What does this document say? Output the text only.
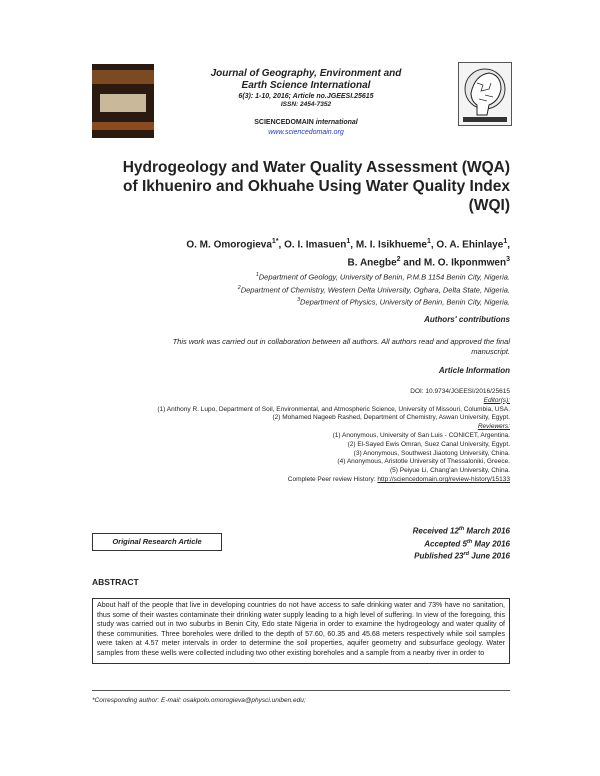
Journal of Geography, Environment and
Earth Science International
6(3): 1-10, 2016; Article no.JGEESI.25615
ISSN: 2454-7352
SCIENCEDOMAIN international
www.sciencedomain.org
Hydrogeology and Water Quality Assessment (WQA)
of Ikhueniro and Okhuahe Using Water Quality Index
(WQI)
O. M. Omorogieva$^{1*}$, O. I. Imasuen$^1$, M. I. Isikhueme$^1$, O. A. Ehinlaye$^1$,
B. Anegbe$^2$ and M. O. Ikponmwen$^3$
$^1$Department of Geology, University of Benin, P.M.B 1154 Benin City, Nigeria.
$^2$Department of Chemistry, Western Delta University, Oghara, Delta State, Nigeria.
$^3$Department of Physics, University of Benin, Benin City, Nigeria.
Authors' contributions
This work was carried out in collaboration between all authors. All authors read and approved the final
manuscript.
Article Information
DOI: 10.9734/JGEESI/2016/25615
Editor(s):
(1) Anthony R. Lupo, Department of Soil, Environmental, and Atmospheric Science, University of Missouri, Columbia, USA.
(2) Mohamed Nageeb Rashed, Department of Chemistry, Aswan University, Egypt.
Reviewers:
(1) Anonymous, University of San Luis - CONICET, Argentina.
(2) El-Sayed Ewis Omran, Suez Canal University, Egypt.
(3) Anonymous, Southwest Jiaotong University, China.
(4) Anonymous, Aristotle University of Thessaloniki, Greece.
(5) Peiyue Li, Chang'an University, China.
Complete Peer review History: http://sciencedomain.org/review-history/15133
Original Research Article
Received 12th March 2016
Accepted 5th May 2016
Published 23rd June 2016
ABSTRACT
About half of the people that live in developing countries do not have access to safe drinking water and 73% have no sanitation, thus some of their wastes contaminate their drinking water supply leading to a high level of suffering. In view of the foregoing, this study was carried out in two suburbs in Benin City, Edo state Nigeria in order to examine the hydrogeology and water quality of these communities. Three boreholes were drilled to the depth of 57.60, 60.35 and 45.68 meters respectively while soil samples were taken at 4.57 meter intervals in order to determine the soil properties, aquifer geometry and subsurface geology. Water samples from these wells were collected including two other existing boreholes and a sample from a nearby river in order to
*Corresponding author: E-mail: osakpolo.omorogieva@physci.uniben.edu;
